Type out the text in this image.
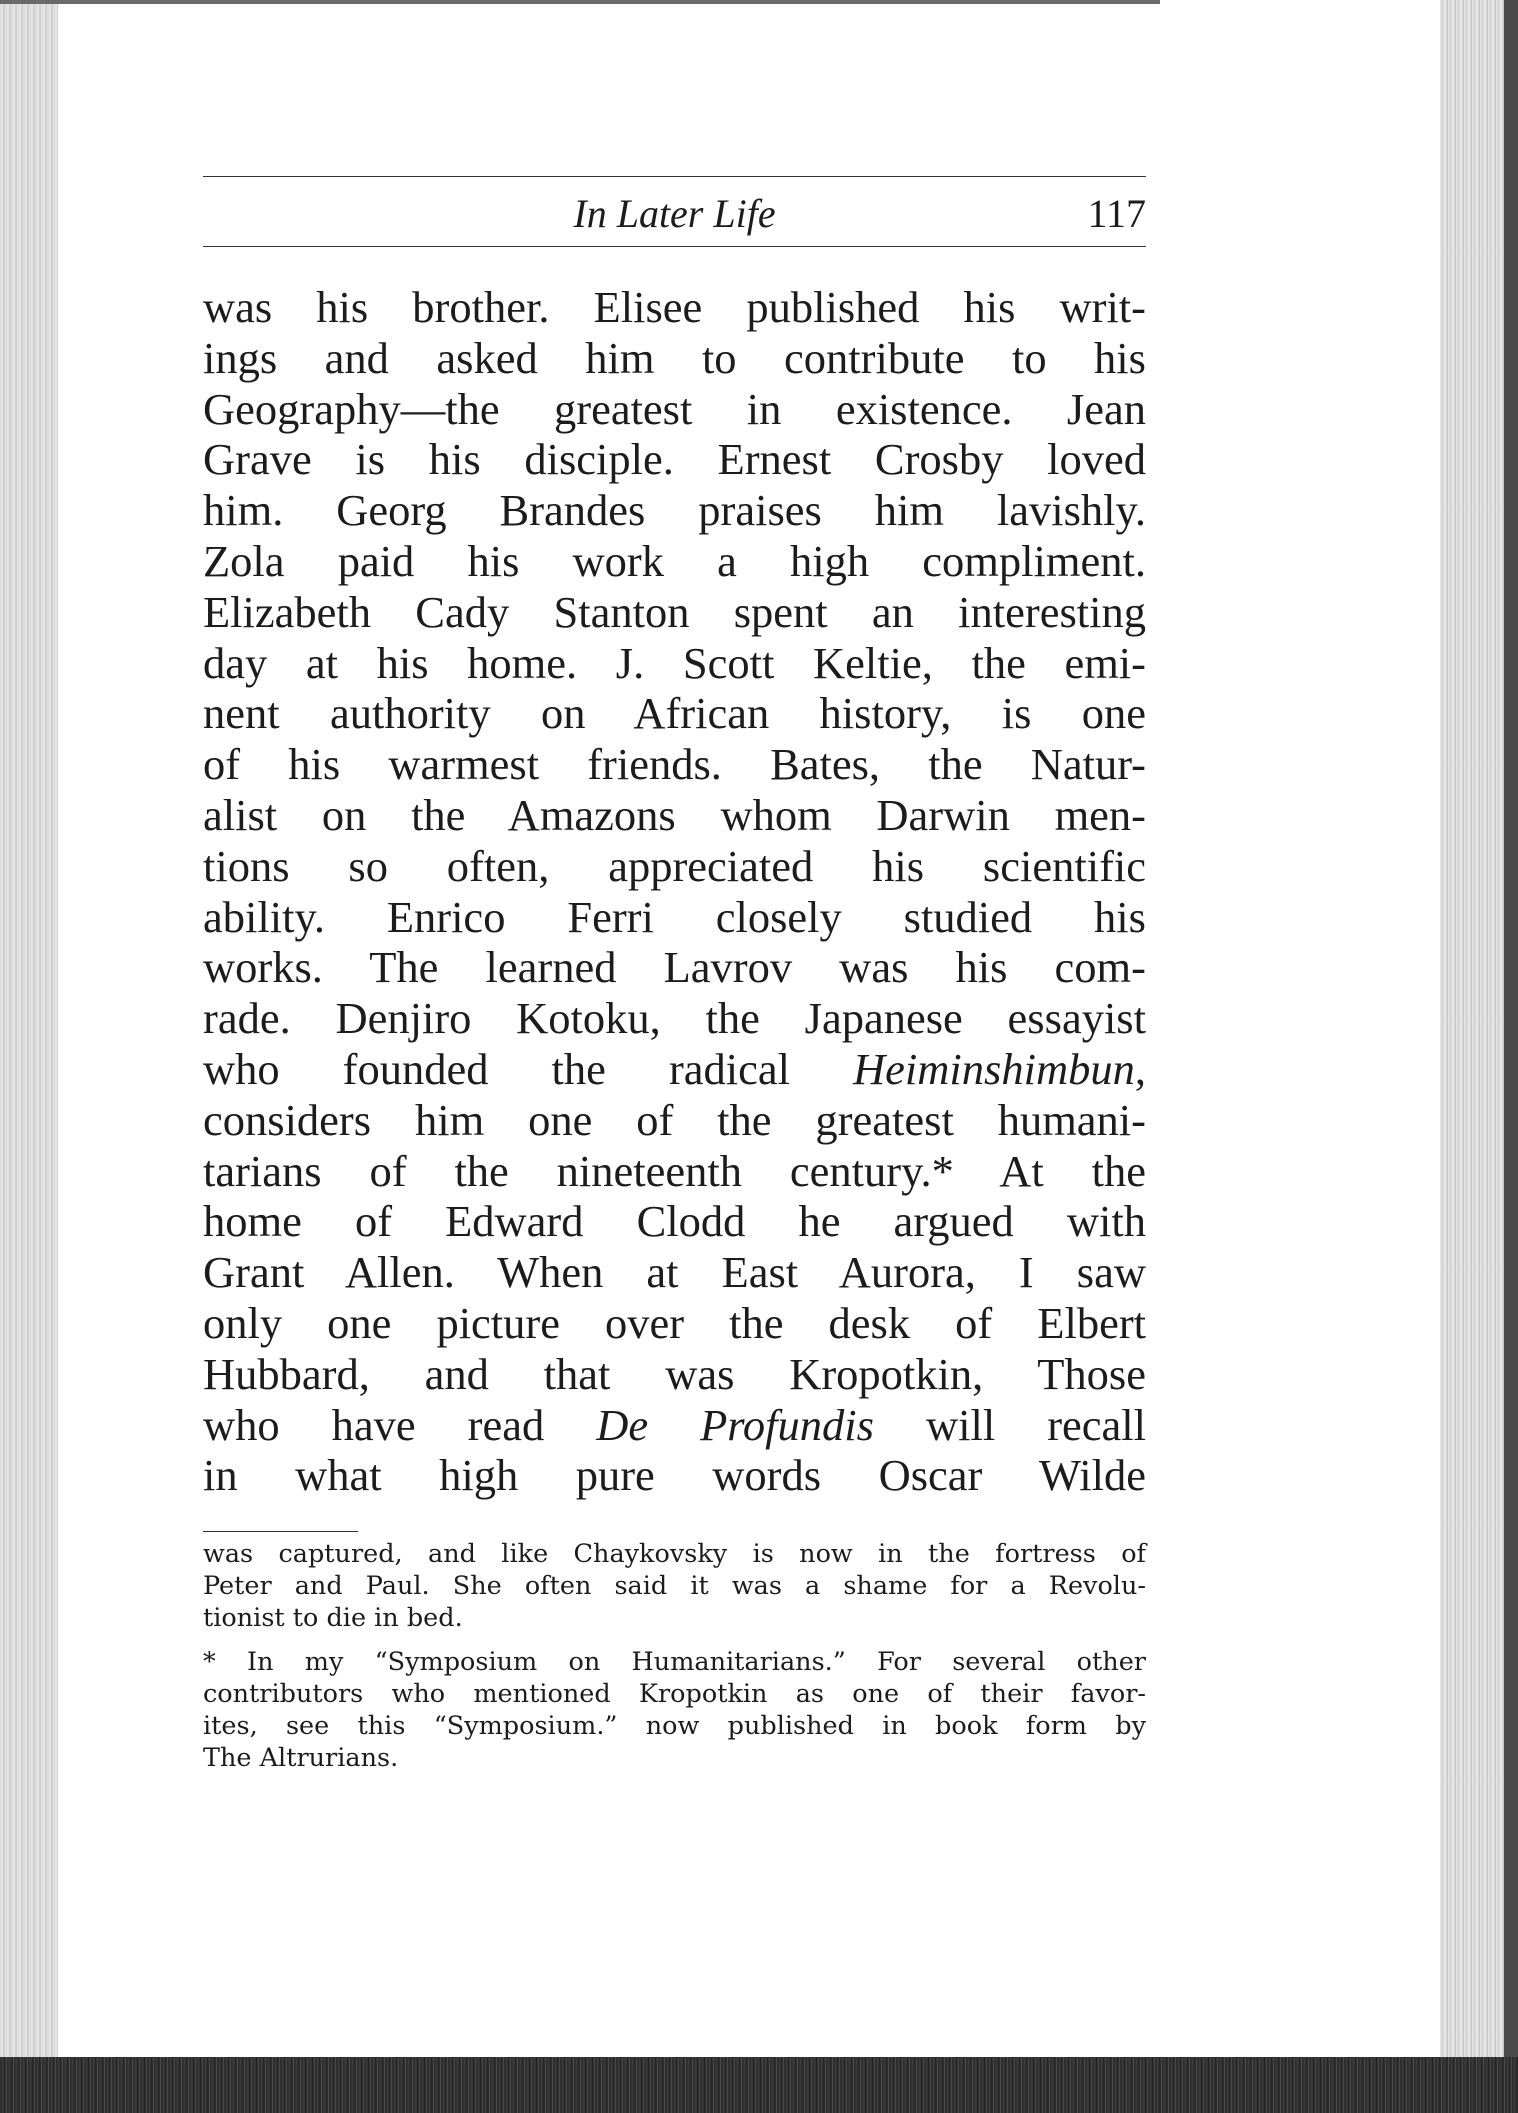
In Later Life	117
was his brother. Elisee published his writ-
ings and asked him to contribute to his
Geography—the greatest in existence. Jean
Grave is his disciple. Ernest Crosby loved
him. Georg Brandes praises him lavishly.
Zola paid his work a high compliment.
Elizabeth Cady Stanton spent an interesting
day at his home. J. Scott Keltie, the emi-
nent authority on African history, is one
of his warmest friends. Bates, the Natur-
alist on the Amazons whom Darwin men-
tions so often, appreciated his scientific
ability. Enrico Ferri closely studied his
works. The learned Lavrov was his com-
rade. Denjiro Kotoku, the Japanese essayist
who founded the radical Heiminshimbun,
considers him one of the greatest humani-
tarians of the nineteenth century.* At the
home of Edward Clodd he argued with
Grant Allen. When at East Aurora, I saw
only one picture over the desk of Elbert
Hubbard, and that was Kropotkin, Those
who have read De Profundis will recall
in what high pure words Oscar Wilde
was captured, and like Chaykovsky is now in the fortress of
Peter and Paul. She often said it was a shame for a Revolu-
tionist to die in bed.
* In my “Symposium on Humanitarians.” For several other
contributors who mentioned Kropotkin as one of their favor-
ites, see this “Symposium.” now published in book form by
The Altrurians.
